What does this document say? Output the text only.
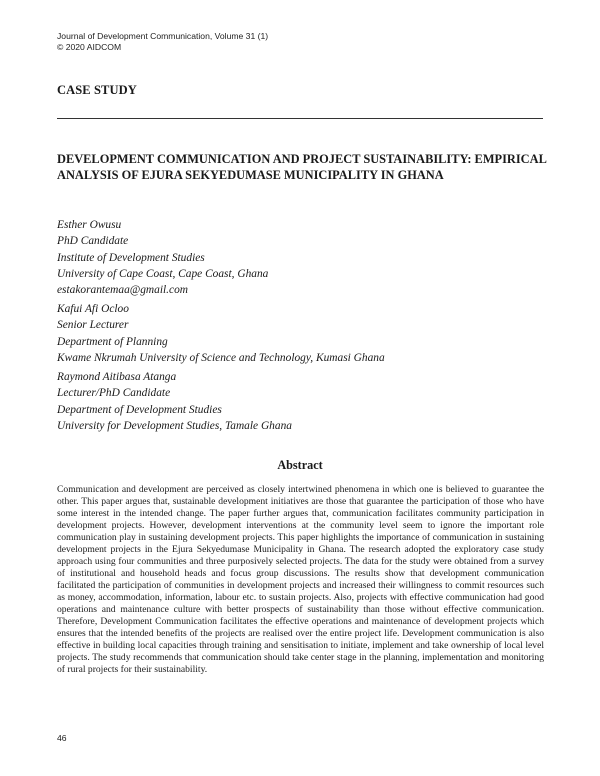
Journal of Development Communication, Volume 31 (1)
© 2020 AIDCOM
CASE STUDY
DEVELOPMENT COMMUNICATION AND PROJECT SUSTAINABILITY: EMPIRICAL ANALYSIS OF EJURA SEKYEDUMASE MUNICIPALITY IN GHANA
Esther Owusu
PhD Candidate
Institute of Development Studies
University of Cape Coast, Cape Coast, Ghana
estakorantemaa@gmail.com
Kafui Afi Ocloo
Senior Lecturer
Department of Planning
Kwame Nkrumah University of Science and Technology, Kumasi Ghana
Raymond Aitibasa Atanga
Lecturer/PhD Candidate
Department of Development Studies
University for Development Studies, Tamale Ghana
Abstract
Communication and development are perceived as closely intertwined phenomena in which one is believed to guarantee the other. This paper argues that, sustainable development initiatives are those that guarantee the participation of those who have some interest in the intended change. The paper further argues that, communication facilitates community participation in development projects. However, development interventions at the community level seem to ignore the important role communication play in sustaining development projects. This paper highlights the importance of communication in sustaining development projects in the Ejura Sekyedumase Municipality in Ghana. The research adopted the exploratory case study approach using four communities and three purposively selected projects. The data for the study were obtained from a survey of institutional and household heads and focus group discussions. The results show that development communication facilitated the participation of communities in development projects and increased their willingness to commit resources such as money, accommodation, information, labour etc. to sustain projects. Also, projects with effective communication had good operations and maintenance culture with better prospects of sustainability than those without effective communication. Therefore, Development Communication facilitates the effective operations and maintenance of development projects which ensures that the intended benefits of the projects are realised over the entire project life. Development communication is also effective in building local capacities through training and sensitisation to initiate, implement and take ownership of local level projects. The study recommends that communication should take center stage in the planning, implementation and monitoring of rural projects for their sustainability.
46
